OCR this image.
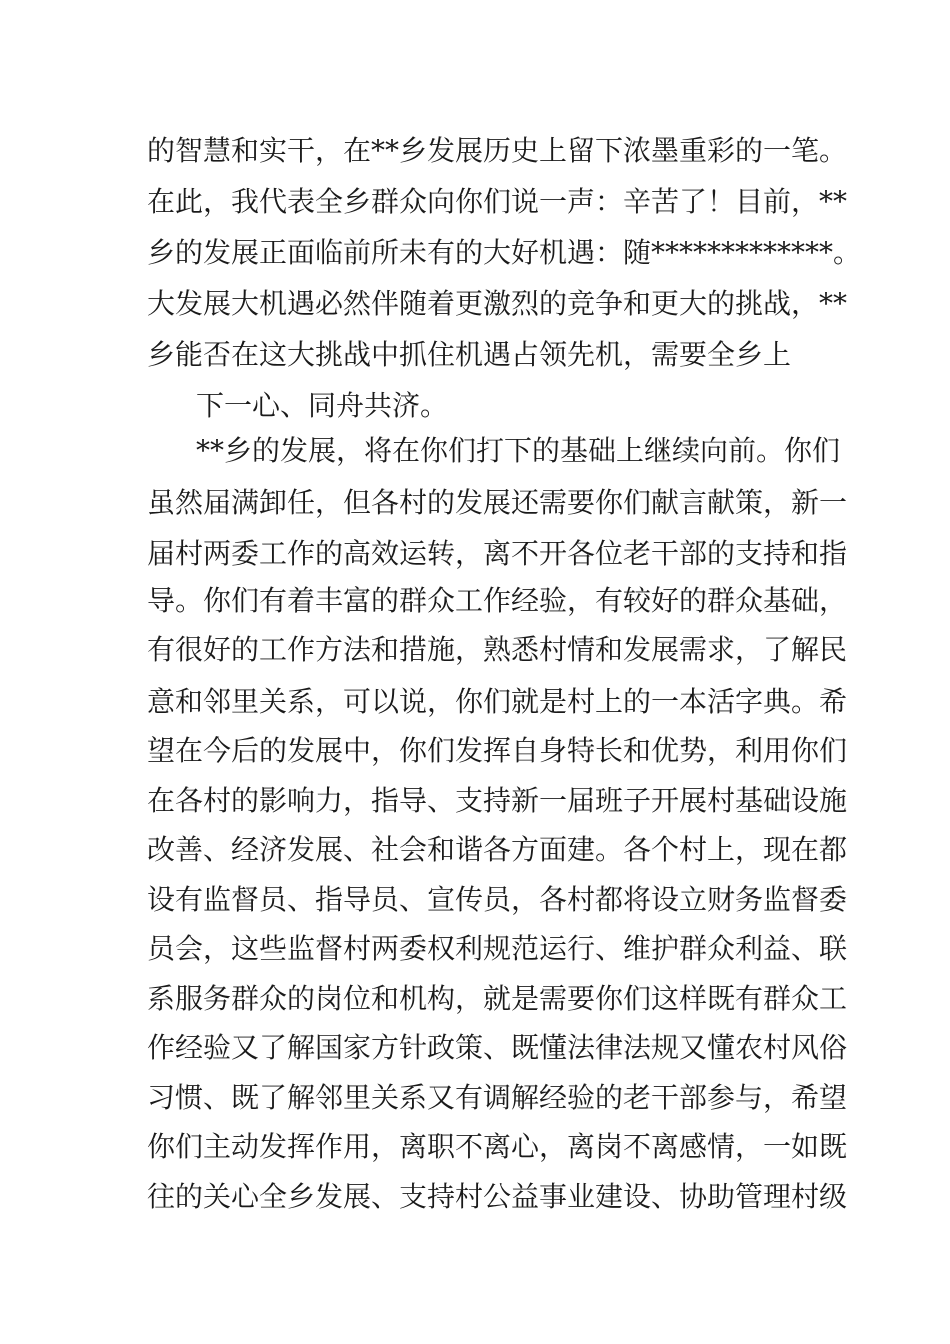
的智慧和实干，在**乡发展历史上留下浓墨重彩的一笔。
在此，我代表全乡群众向你们说一声：辛苦了！目前，**
乡的发展正面临前所未有的大好机遇：随*************。
大发展大机遇必然伴随着更激烈的竞争和更大的挑战，**
乡能否在这大挑战中抓住机遇占领先机，需要全乡上
下一心、同舟共济。
**乡的发展，将在你们打下的基础上继续向前。你们
虽然届满卸任，但各村的发展还需要你们献言献策，新一
届村两委工作的高效运转，离不开各位老干部的支持和指
导。你们有着丰富的群众工作经验，有较好的群众基础，
有很好的工作方法和措施，熟悉村情和发展需求，了解民
意和邻里关系，可以说，你们就是村上的一本活字典。希
望在今后的发展中，你们发挥自身特长和优势，利用你们
在各村的影响力，指导、支持新一届班子开展村基础设施
改善、经济发展、社会和谐各方面建。各个村上，现在都
设有监督员、指导员、宣传员，各村都将设立财务监督委
员会，这些监督村两委权利规范运行、维护群众利益、联
系服务群众的岗位和机构，就是需要你们这样既有群众工
作经验又了解国家方针政策、既懂法律法规又懂农村风俗
习惯、既了解邻里关系又有调解经验的老干部参与，希望
你们主动发挥作用，离职不离心，离岗不离感情，一如既
往的关心全乡发展、支持村公益事业建设、协助管理村级
